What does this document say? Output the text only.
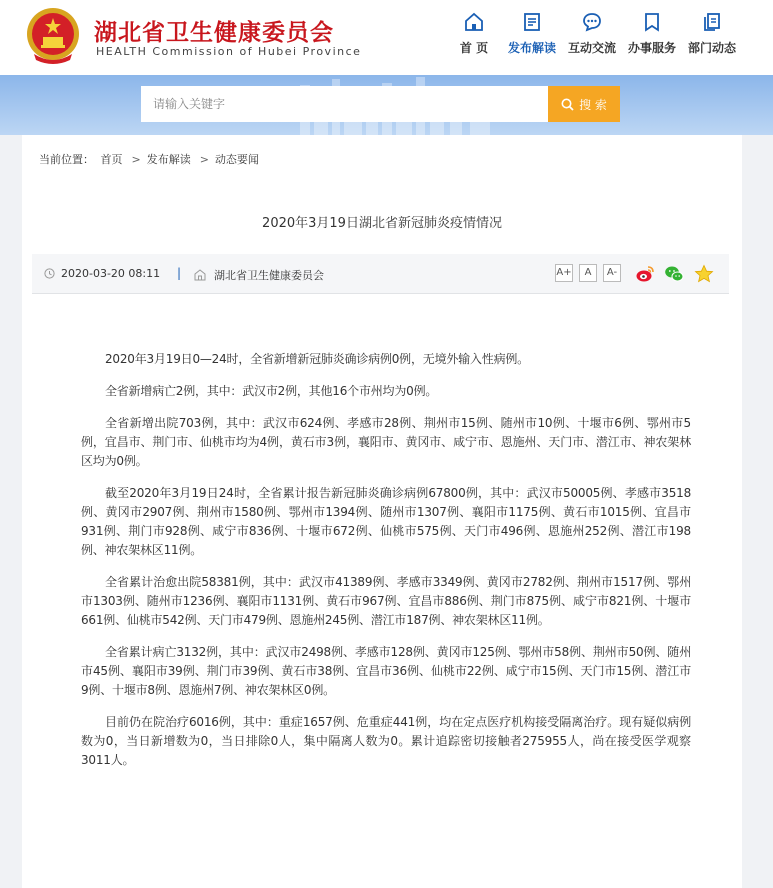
湖北省卫生健康委员会
HEALTH Commission of Hubei Province	首 页	发布解读 互动交流 办事服务 部门动态
请输入关键字
搜 索
当前位置： 首页 > 发布解读 > 动态要闻
2020年3月19日湖北省新冠肺炎疫情情况
2020-03-20 08:11 |	湖北省卫生健康委员会	A+	A	A-

2020年3月19日0—24时，全省新增新冠肺炎确诊病例0例，无境外输入性病例。

全省新增病亡2例，其中：武汉市2例，其他16个市州均为0例。

全省新增出院703例，其中：武汉市624例、孝感市28例、荆州市15例、随州市10例、十堰市6例、鄂州市5例，宜昌市、荆门市、仙桃市均为4例，黄石市3例，襄阳市、黄冈市、咸宁市、恩施州、天门市、潜江市、神农架林区均为0例。

截至2020年3月19日24时，全省累计报告新冠肺炎确诊病例67800例，其中：武汉市50005例、孝感市3518例、黄冈市2907例、荆州市1580例、鄂州市1394例、随州市1307例、襄阳市1175例、黄石市1015例、宜昌市931例、荆门市928例、咸宁市836例、十堰市672例、仙桃市575例、天门市496例、恩施州252例、潜江市198例、神农架林区11例。

全省累计治愈出院58381例，其中：武汉市41389例、孝感市3349例、黄冈市2782例、荆州市1517例、鄂州市1303例、随州市1236例、襄阳市1131例、黄石市967例、宜昌市886例、荆门市875例、咸宁市821例、十堰市661例、仙桃市542例、天门市479例、恩施州245例、潜江市187例、神农架林区11例。

全省累计病亡3132例，其中：武汉市2498例、孝感市128例、黄冈市125例、鄂州市58例、荆州市50例、随州市45例、襄阳市39例、荆门市39例、黄石市38例、宜昌市36例、仙桃市22例、咸宁市15例、天门市15例、潜江市9例、十堰市8例、恩施州7例、神农架林区0例。

目前仍在院治疗6016例，其中：重症1657例、危重症441例，均在定点医疗机构接受隔离治疗。现有疑似病例数为0，当日新增数为0，当日排除0人，集中隔离人数为0。累计追踪密切接触者275955人，尚在接受医学观察3011人。
